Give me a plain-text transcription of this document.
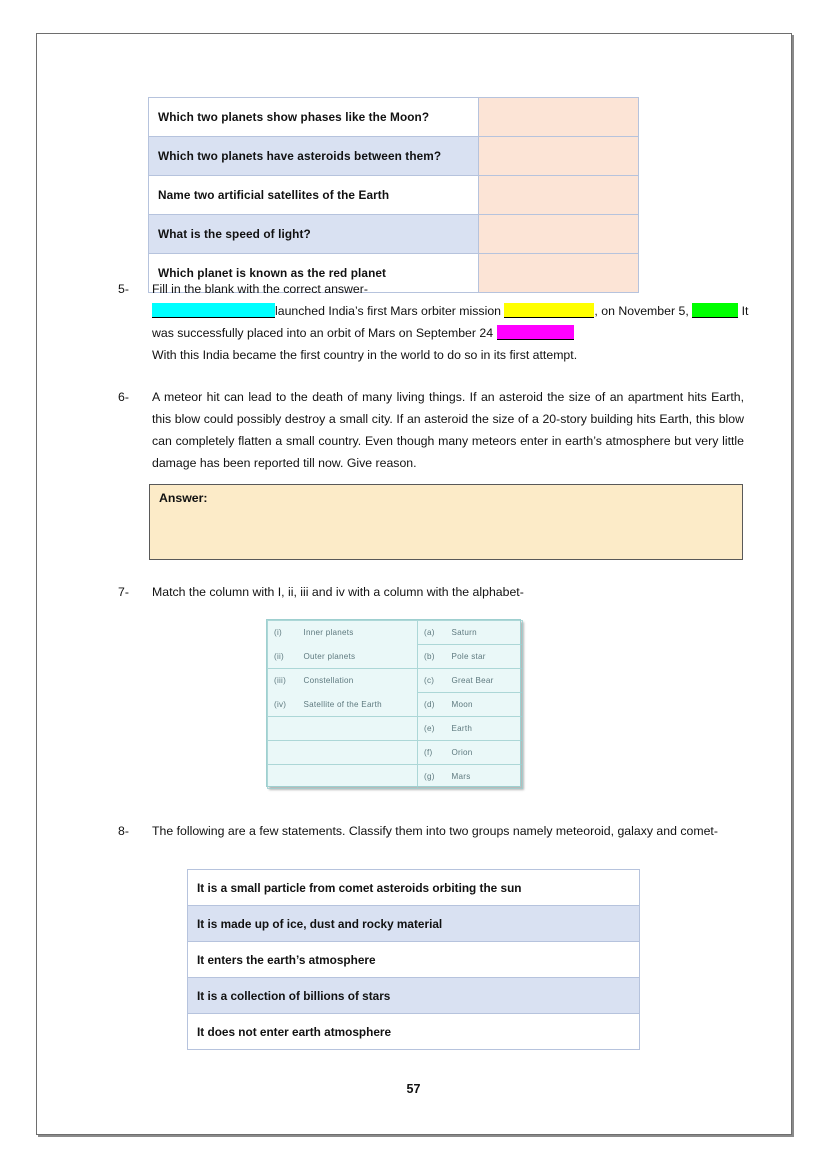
Which two planets show phases like the Moon?	
Which two planets have asteroids between them?	
Name two artificial satellites of the Earth	
What is the speed of light?	
Which planet is known as the red planet	
5-	Fill in the blank with the correct answer-
launched India’s first Mars orbiter mission	, on November 5,	It was successfully placed into an orbit of Mars on September 24
With this India became the first country in the world to do so in its first attempt.
6-	A meteor hit can lead to the death of many living things. If an asteroid the size of an apartment hits Earth, this blow could possibly destroy a small city. If an asteroid the size of a 20-story building hits Earth, this blow can completely flatten a small country. Even though many meteors enter in earth’s atmosphere but very little damage has been reported till now. Give reason.
Answer:
7-	Match the column with I, ii, iii and iv with a column with the alphabet-
(i)	Inner planets	(a)	Saturn
(ii)	Outer planets	(b)	Pole star
(iii)	Constellation	(c)	Great Bear
(iv)	Satellite of the Earth	(d)	Moon
		(e)	Earth
		(f)	Orion
		(g)	Mars
8-	The following are a few statements. Classify them into two groups namely meteoroid, galaxy and comet-
It is a small particle from comet asteroids orbiting the sun
It is made up of ice, dust and rocky material
It enters the earth’s atmosphere
It is a collection of billions of stars
It does not enter earth atmosphere
57
